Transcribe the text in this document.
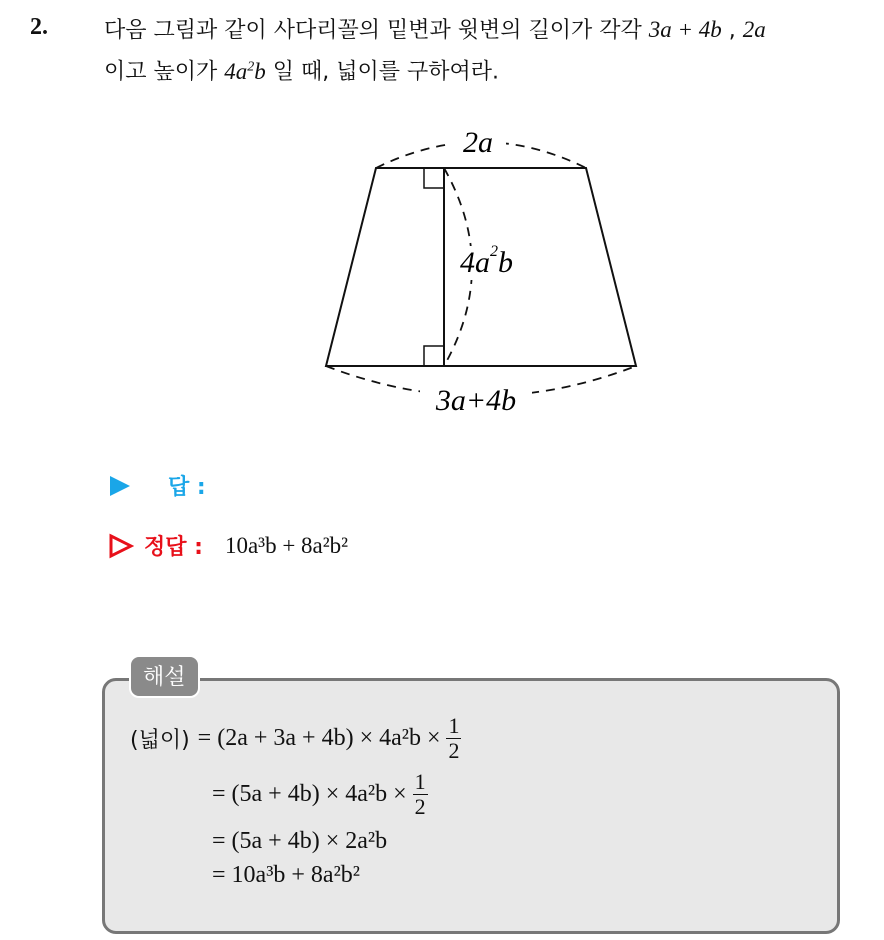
2.	다음 그림과 같이 사다리꼴의 밑변과 윗변의 길이가 각각 3a + 4b , 2a
이고 높이가 $4a^2b$ 일 때, 넓이를 구하여라.
2a
$4a^2b$
3a+4b
답 :
정답 : 10a³b + 8a²b²
해설
(넓이) = $(2a + 3a + 4b) \times 4a^2b \times \frac{1}{2}$
= $(5a + 4b) \times 4a^2b \times \frac{1}{2}$
= (5a + 4b) × 2a²b
= 10a³b + 8a²b²
